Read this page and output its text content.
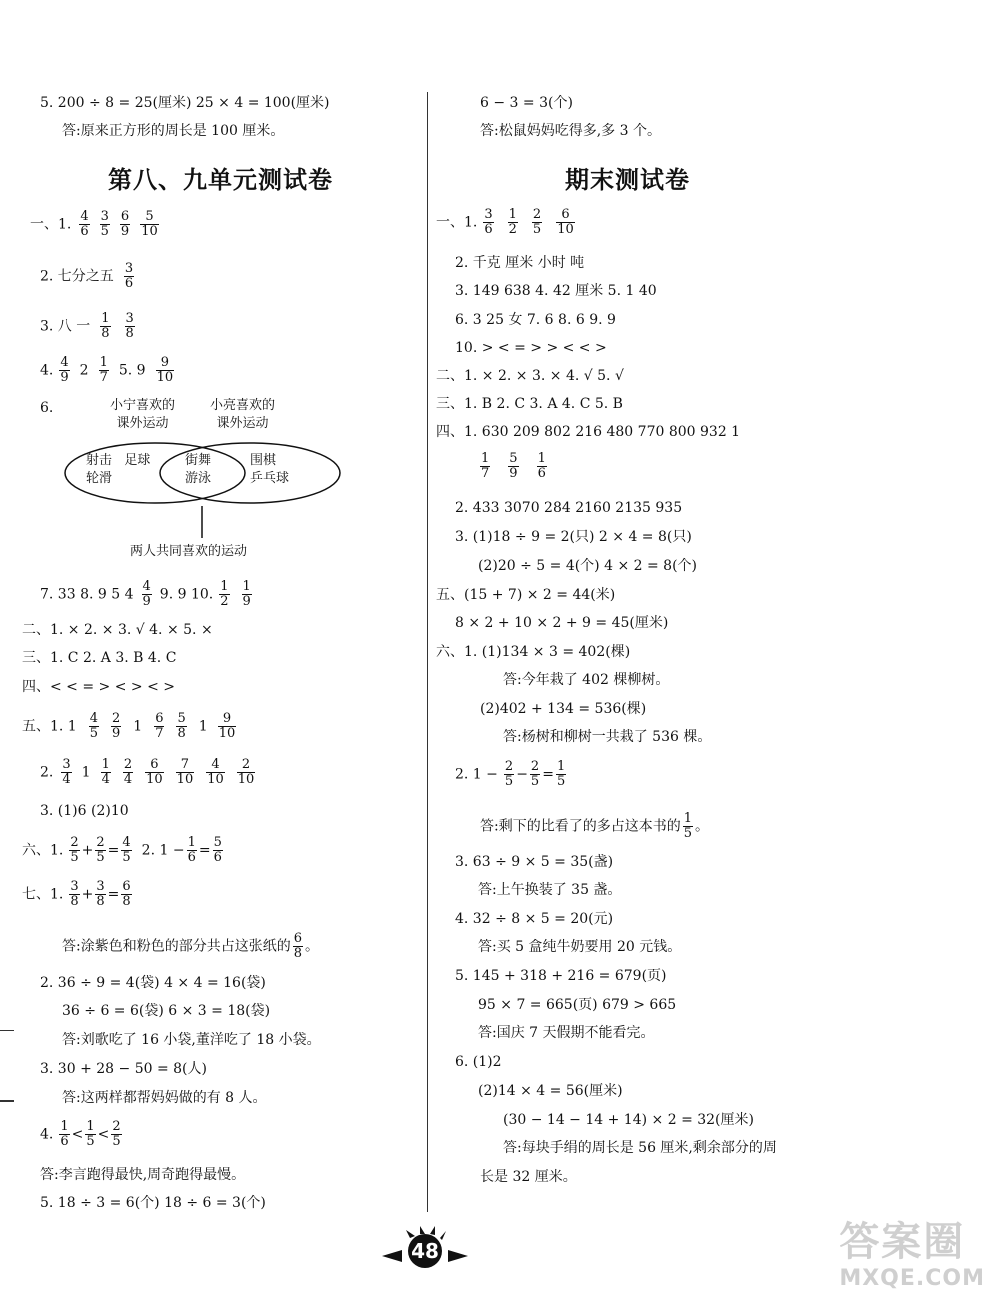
5. 200 ÷ 8 = 25(厘米) 25 × 4 = 100(厘米)
答:原来正方形的周长是 100 厘米。
第八、九单元测试卷
一、1. $\frac{4}{6} \frac{3}{5} \frac{6}{9} \frac{5}{10}$
2. 七分之五 $\frac{3}{6}$
3. 八 一 $\frac{1}{8} \frac{3}{8}$
4. $\frac{4}{9} 2 \frac{1}{7} 5$. $9 \frac{9}{10}$
6.
7. 33 8. 9 5 $4 \frac{4}{9} 9$. 9 10. $\frac{1}{2} \frac{1}{9}$
二、1. × 2. × 3. √ 4. × 5. ×
三、1. C 2. A 3. B 4. C
四、< < = > < > < >
五、1. $1 \frac{4}{5} \frac{2}{9} 1 \frac{6}{7} \frac{5}{8} 1 \frac{9}{10}$
2. $\frac{3}{4} 1 \frac{1}{4} \frac{2}{4} \frac{6}{10} \frac{7}{10} \frac{4}{10} \frac{2}{10}$
3. (1)6 (2)10
六、1. $\frac{2}{5} + \frac{2}{5} = \frac{4}{5} 2$. $1 - \frac{1}{6} = \frac{5}{6}$
七、1. $\frac{3}{8} + \frac{3}{8} = \frac{6}{8}$
答:涂紫色和粉色的部分共占这张纸的 $\frac{6}{8}$ 。
2. 36 ÷ 9 = 4(袋) 4 × 4 = 16(袋)
36 ÷ 6 = 6(袋) 6 × 3 = 18(袋)
答:刘歌吃了 16 小袋,董洋吃了 18 小袋。
3. 30 + 28 − 50 = 8(人)
答:这两样都帮妈妈做的有 8 人。
4. $\frac{1}{6} < \frac{1}{5} < \frac{2}{5}$
答:李言跑得最快,周奇跑得最慢。
5. 18 ÷ 3 = 6(个) 18 ÷ 6 = 3(个)
6 − 3 = 3(个)
答:松鼠妈妈吃得多,多 3 个。
期末测试卷
一、1. $\frac{3}{6} \frac{1}{2} \frac{2}{5} \frac{6}{10}$
2. 千克 厘米 小时 吨
3. 149 638 4. 42 厘米 5. 1 40
6. 3 25 女 7. 6 8. 6 9. 9
10. > < = > > < < >
二、1. × 2. × 3. × 4. √ 5. √
三、1. B 2. C 3. A 4. C 5. B
四、1. 630 209 802 216 480 770 800 932 1
$\frac{1}{7} \frac{5}{9} \frac{1}{6}$
2. 433 3070 284 2160 2135 935
3. (1)18 ÷ 9 = 2(只) 2 × 4 = 8(只)
(2)20 ÷ 5 = 4(个) 4 × 2 = 8(个)
五、(15 + 7) × 2 = 44(米)
8 × 2 + 10 × 2 + 9 = 45(厘米)
六、1. (1)134 × 3 = 402(棵)
答:今年栽了 402 棵柳树。
(2)402 + 134 = 536(棵)
答:杨树和柳树一共栽了 536 棵。
2. $1 - \frac{2}{5} - \frac{2}{5} = \frac{1}{5}$
答:剩下的比看了的多占这本书的 $\frac{1}{5}$ 。
3. 63 ÷ 9 × 5 = 35(盏)
答:上午换装了 35 盏。
4. 32 ÷ 8 × 5 = 20(元)
答:买 5 盒纯牛奶要用 20 元钱。
5. 145 + 318 + 216 = 679(页)
95 × 7 = 665(页) 679 > 665
答:国庆 7 天假期不能看完。
6. (1)2
(2)14 × 4 = 56(厘米)
(30 − 14 − 14 + 14) × 2 = 32(厘米)
答:每块手绢的周长是 56 厘米,剩余部分的周
长是 32 厘米。
小宁喜欢的
课外运动
小亮喜欢的
课外运动
射击   足球
轮滑
街舞
游泳
围棋
乒乓球
两人共同喜欢的运动
48	答案圈
MXQE.COM
